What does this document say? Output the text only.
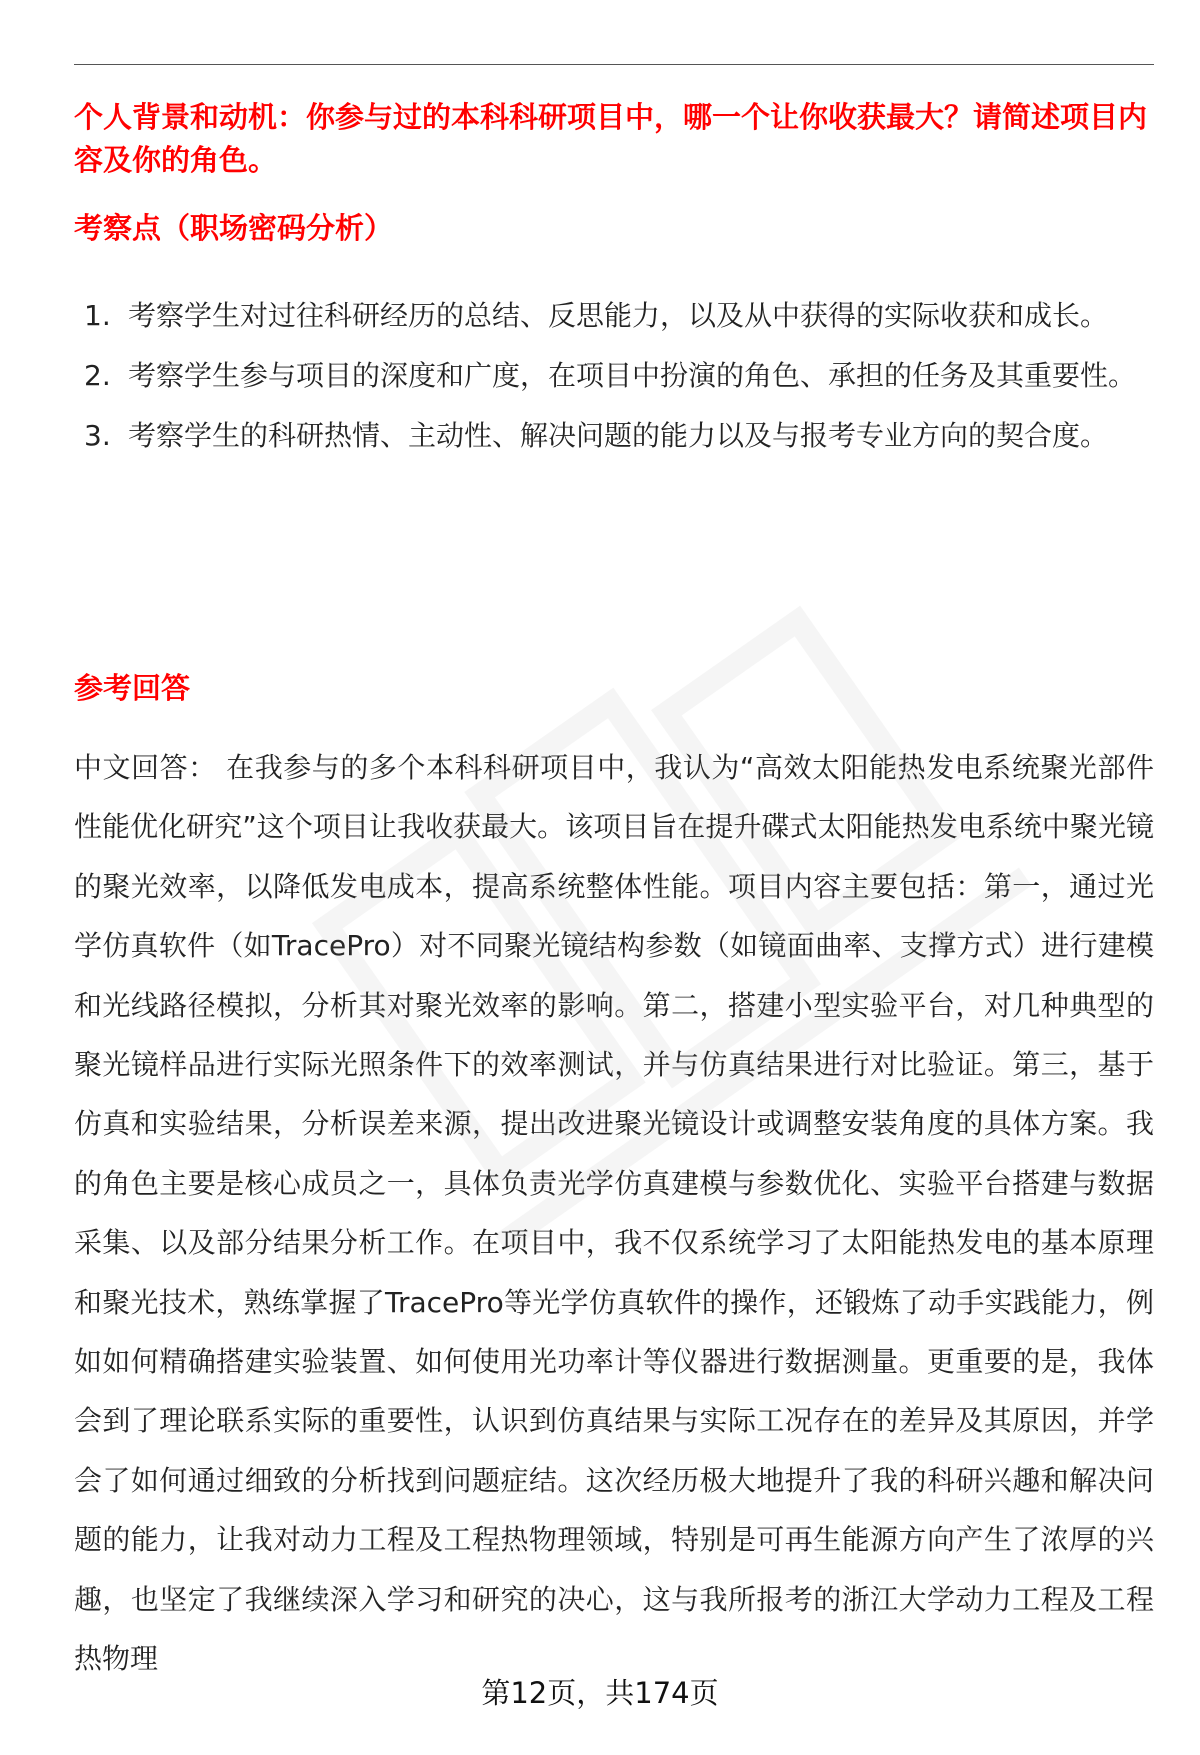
个人背景和动机：你参与过的本科科研项目中，哪一个让你收获最大？请简述项目内容及你的角色。

考察点（职场密码分析）

1. 考察学生对过往科研经历的总结、反思能力，以及从中获得的实际收获和成长。
2. 考察学生参与项目的深度和广度，在项目中扮演的角色、承担的任务及其重要性。
3. 考察学生的科研热情、主动性、解决问题的能力以及与报考专业方向的契合度。

参考回答

中文回答： 在我参与的多个本科科研项目中，我认为“高效太阳能热发电系统聚光部件性能优化研究”这个项目让我收获最大。该项目旨在提升碟式太阳能热发电系统中聚光镜的聚光效率，以降低发电成本，提高系统整体性能。项目内容主要包括：第一，通过光学仿真软件（如TracePro）对不同聚光镜结构参数（如镜面曲率、支撑方式）进行建模和光线路径模拟，分析其对聚光效率的影响。第二，搭建小型实验平台，对几种典型的聚光镜样品进行实际光照条件下的效率测试，并与仿真结果进行对比验证。第三，基于仿真和实验结果，分析误差来源，提出改进聚光镜设计或调整安装角度的具体方案。我的角色主要是核心成员之一，具体负责光学仿真建模与参数优化、实验平台搭建与数据采集、以及部分结果分析工作。在项目中，我不仅系统学习了太阳能热发电的基本原理和聚光技术，熟练掌握了TracePro等光学仿真软件的操作，还锻炼了动手实践能力，例如如何精确搭建实验装置、如何使用光功率计等仪器进行数据测量。更重要的是，我体会到了理论联系实际的重要性，认识到仿真结果与实际工况存在的差异及其原因，并学会了如何通过细致的分析找到问题症结。这次经历极大地提升了我的科研兴趣和解决问题的能力，让我对动力工程及工程热物理领域，特别是可再生能源方向产生了浓厚的兴趣，也坚定了我继续深入学习和研究的决心，这与我所报考的浙江大学动力工程及工程热物理

第12页，共174页
